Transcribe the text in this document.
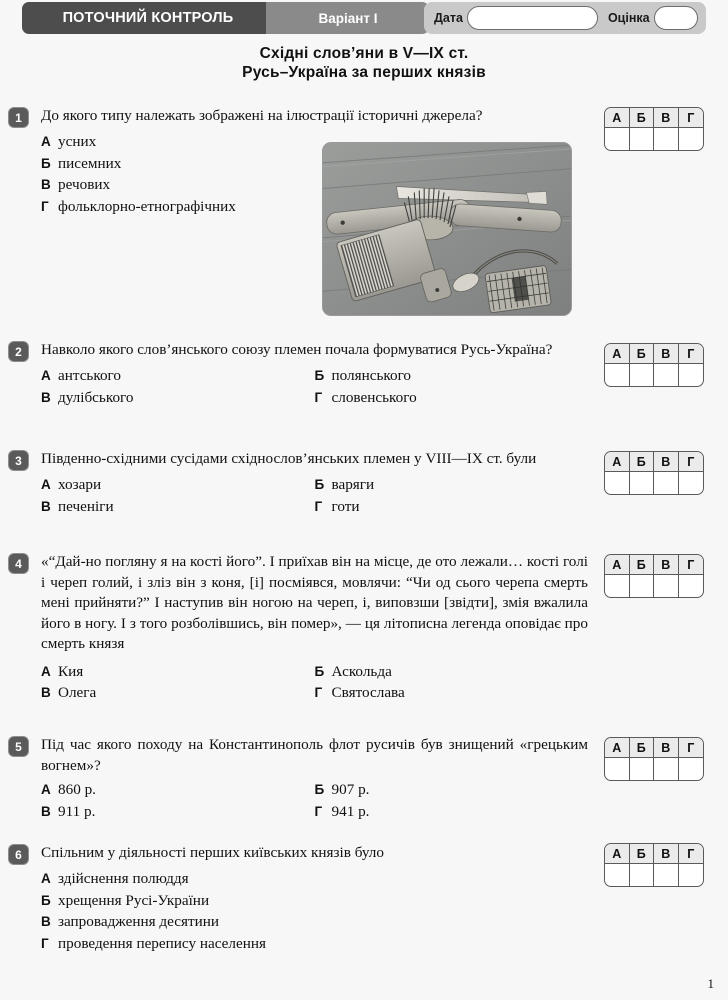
ПОТОЧНИЙ КОНТРОЛЬ	Варіант І	Дата	Оцінка
Східні слов’яни в V—IX ст.
Русь–Україна за перших князів
1	До якого типу належать зображені на ілюстрації історичні джерела?
А усних
Б писемних
В речових
Г фольклорно-етнографічних
А	Б	В	Г
2	Навколо якого слов’янського союзу племен почала формуватися Русь-Україна?
А антського	Б полянського
В дулібського	Г словенського
А	Б	В	Г
3	Південно-східними сусідами східнослов’янських племен у VIII—IX ст. були
А хозари	Б варяги
В печеніги	Г готи
А	Б	В	Г
4	«“Дай-но погляну я на кості його”. І приїхав він на місце, де ото лежали… кості голі і череп голий, і зліз він з коня, [і] посміявся, мовлячи: “Чи од сього черепа смерть мені прийняти?” І наступив він ногою на череп, і, виповзши [звідти], змія вжалила його в ногу. І з того розболівшись, він помер», — ця літописна легенда оповідає про смерть князя
А Кия	Б Аскольда
В Олега	Г Святослава
А	Б	В	Г
5	Під час якого походу на Константинополь флот русичів був знищений «грецьким вогнем»?
А 860 р.	Б 907 р.
В 911 р.	Г 941 р.
А	Б	В	Г
6	Спільним у діяльності перших київських князів було
А здійснення полюддя
Б хрещення Русі-України
В запровадження десятини
Г проведення перепису населення
А	Б	В	Г
1
